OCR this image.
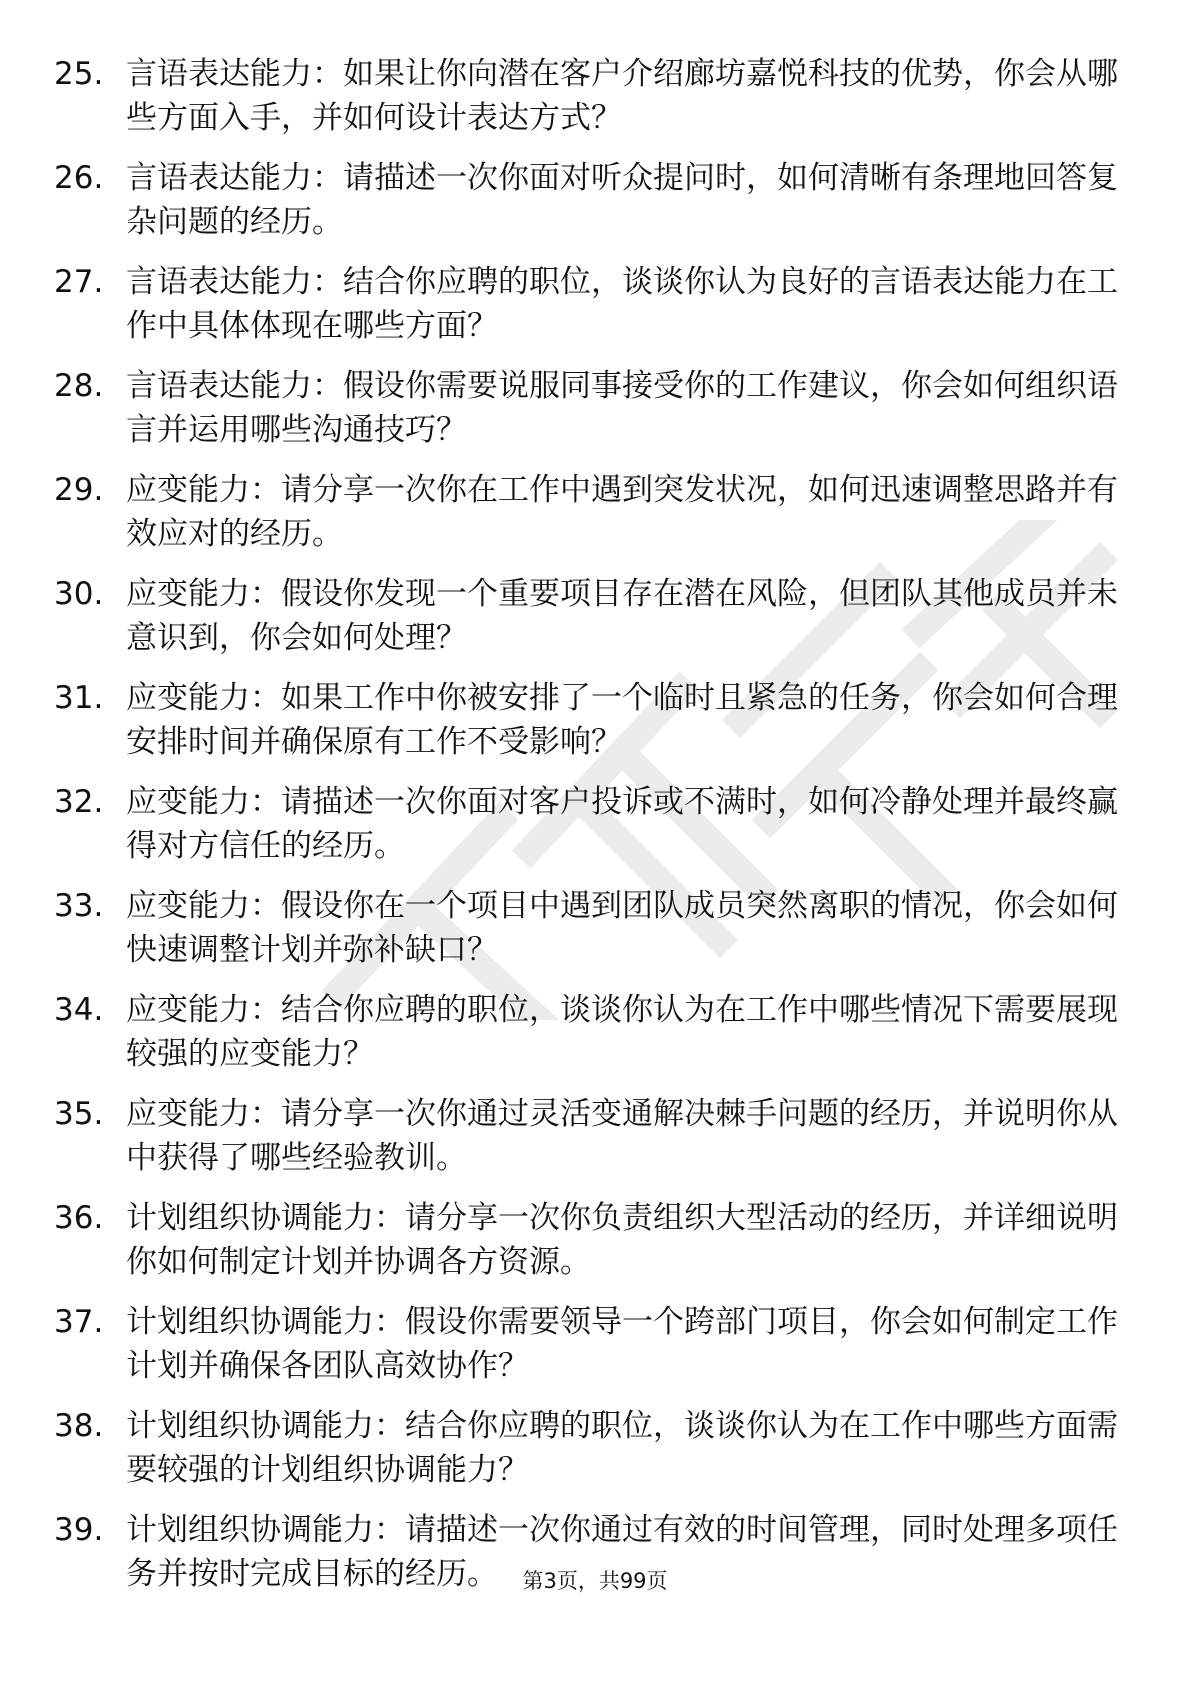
25. 言语表达能力：如果让你向潜在客户介绍廊坊嘉悦科技的优势，你会从哪些方面入手，并如何设计表达方式？
26. 言语表达能力：请描述一次你面对听众提问时，如何清晰有条理地回答复杂问题的经历。
27. 言语表达能力：结合你应聘的职位，谈谈你认为良好的言语表达能力在工作中具体体现在哪些方面？
28. 言语表达能力：假设你需要说服同事接受你的工作建议，你会如何组织语言并运用哪些沟通技巧？
29. 应变能力：请分享一次你在工作中遇到突发状况，如何迅速调整思路并有效应对的经历。
30. 应变能力：假设你发现一个重要项目存在潜在风险，但团队其他成员并未意识到，你会如何处理？
31. 应变能力：如果工作中你被安排了一个临时且紧急的任务，你会如何合理安排时间并确保原有工作不受影响？
32. 应变能力：请描述一次你面对客户投诉或不满时，如何冷静处理并最终赢得对方信任的经历。
33. 应变能力：假设你在一个项目中遇到团队成员突然离职的情况，你会如何快速调整计划并弥补缺口？
34. 应变能力：结合你应聘的职位，谈谈你认为在工作中哪些情况下需要展现较强的应变能力？
35. 应变能力：请分享一次你通过灵活变通解决棘手问题的经历，并说明你从中获得了哪些经验教训。
36. 计划组织协调能力：请分享一次你负责组织大型活动的经历，并详细说明你如何制定计划并协调各方资源。
37. 计划组织协调能力：假设你需要领导一个跨部门项目，你会如何制定工作计划并确保各团队高效协作？
38. 计划组织协调能力：结合你应聘的职位，谈谈你认为在工作中哪些方面需要较强的计划组织协调能力？
39. 计划组织协调能力：请描述一次你通过有效的时间管理，同时处理多项任务并按时完成目标的经历。	第3页，共99页
